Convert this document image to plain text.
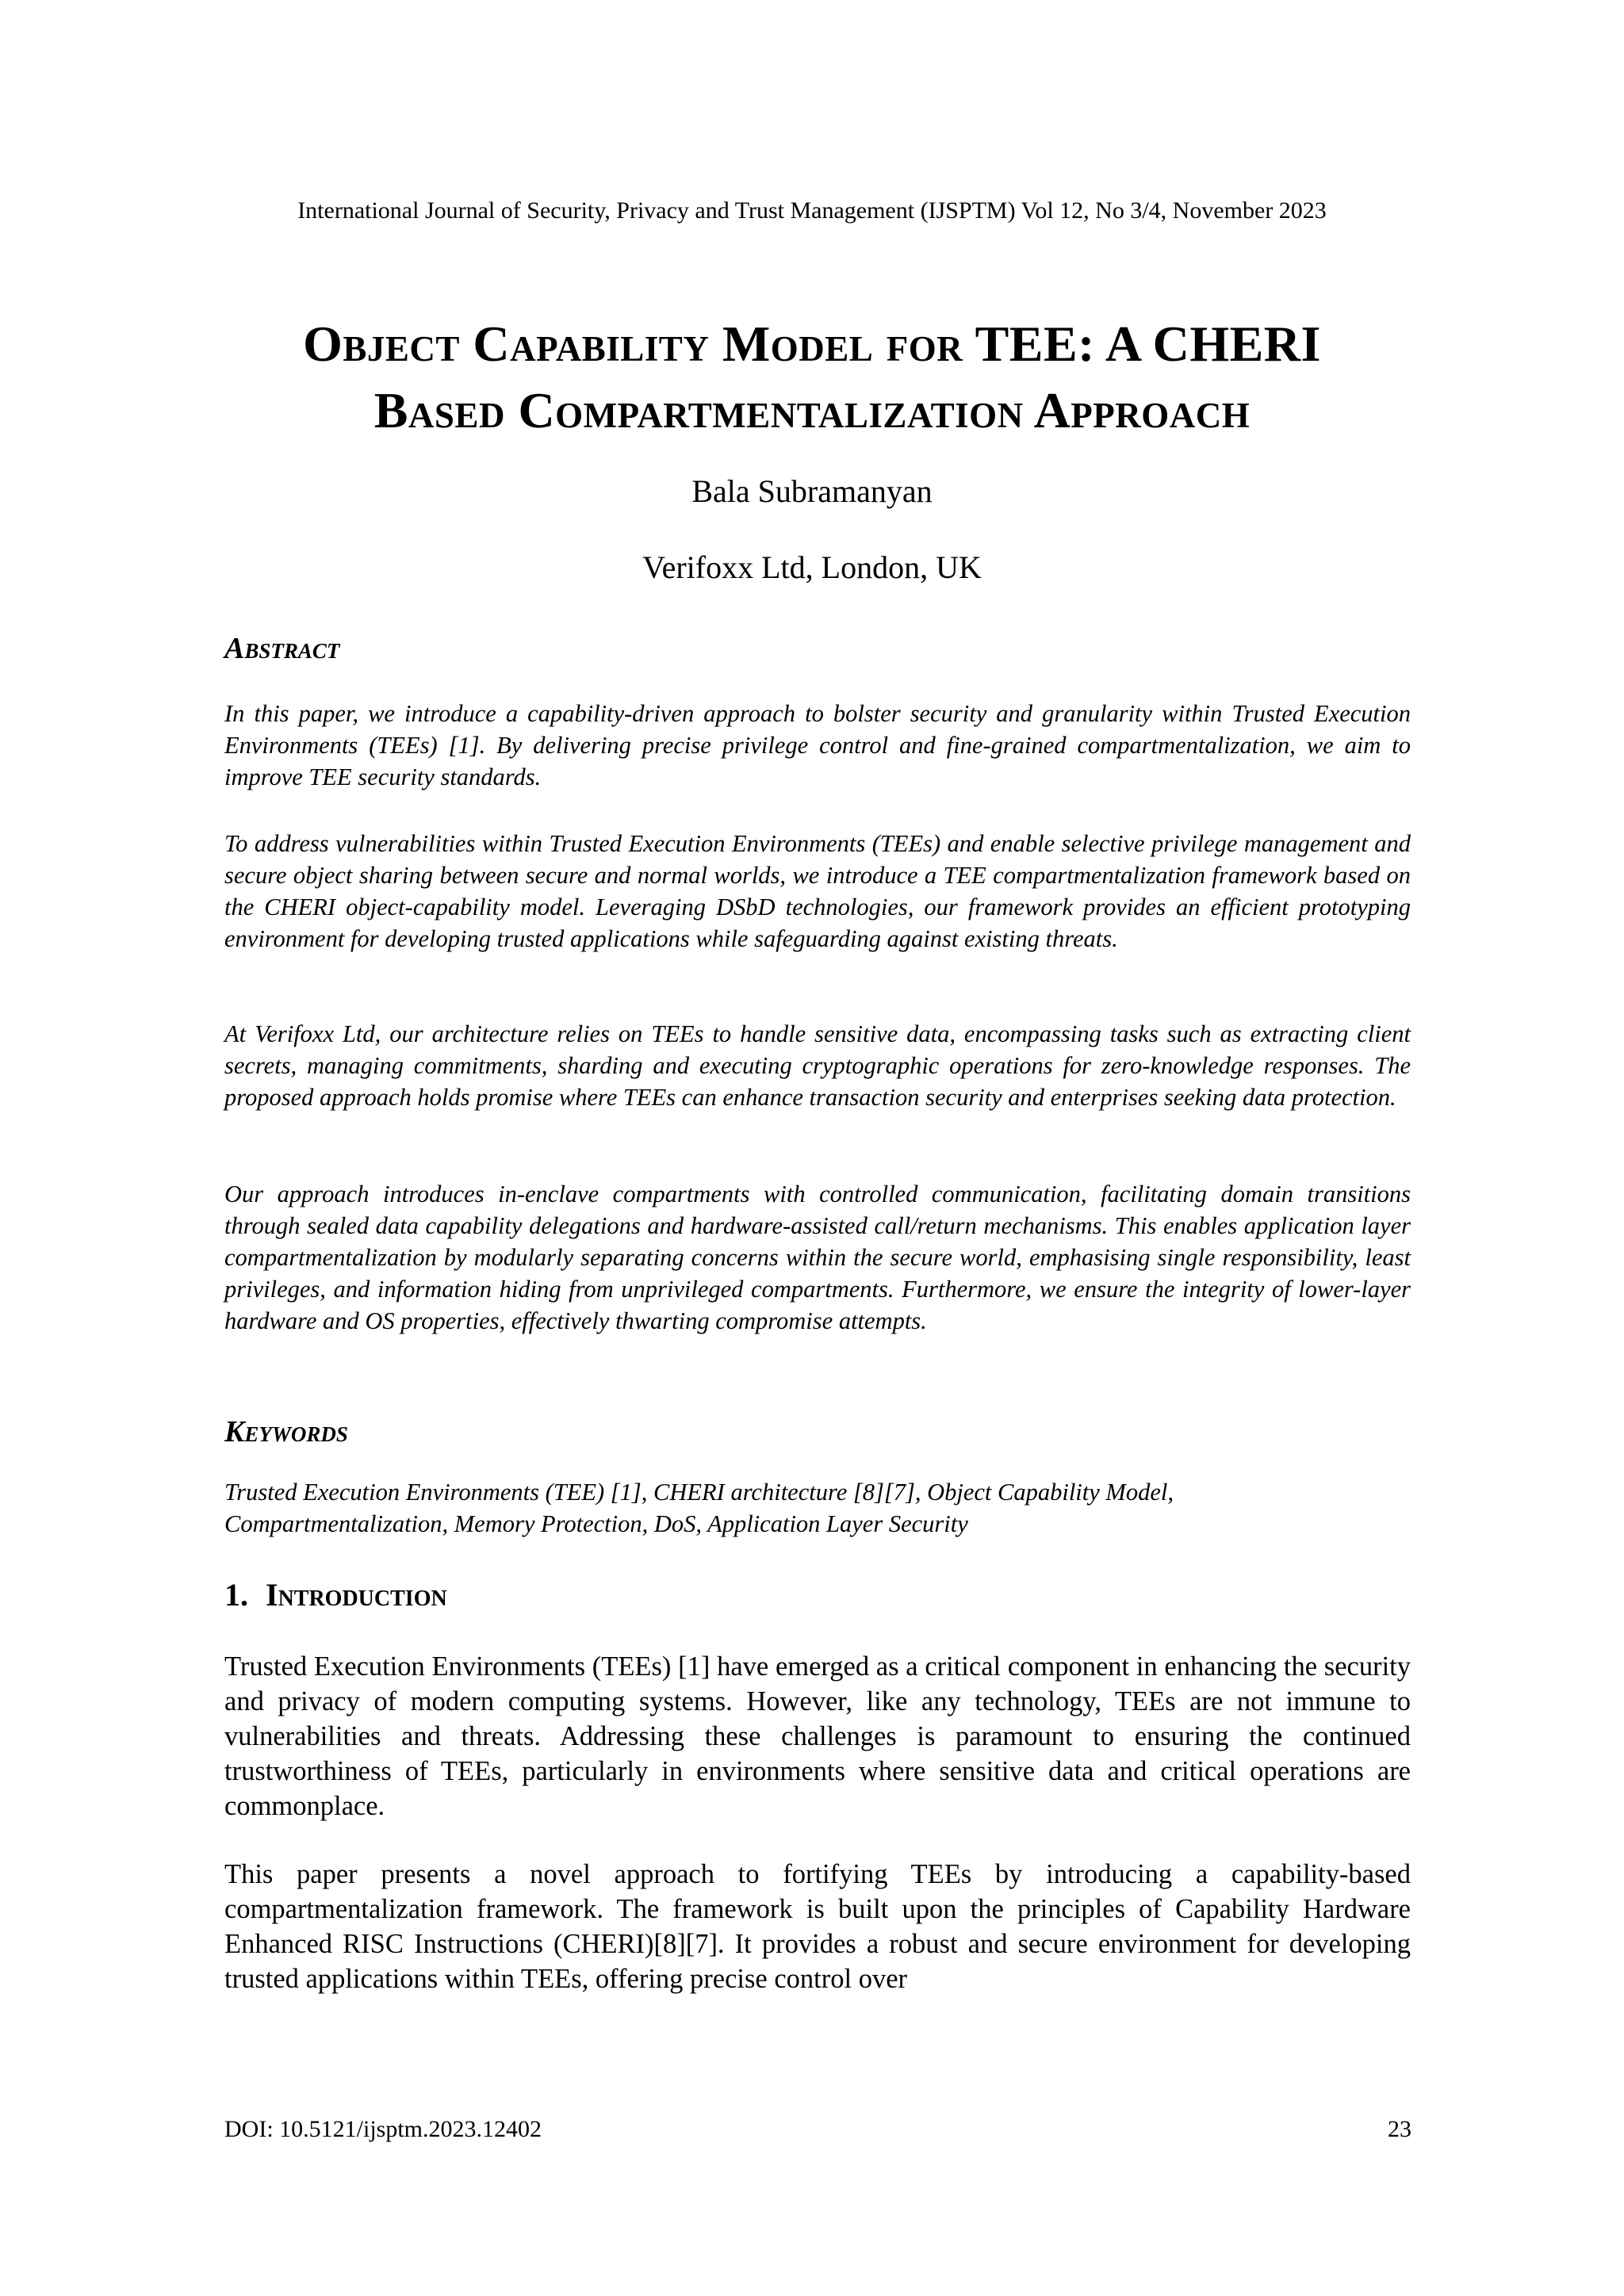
International Journal of Security, Privacy and Trust Management (IJSPTM) Vol 12, No 3/4, November 2023
Object Capability Model for TEE: A CHERI
Based Compartmentalization Approach
Bala Subramanyan
Verifoxx Ltd, London, UK
Abstract

In this paper, we introduce a capability-driven approach to bolster security and granularity within Trusted Execution Environments (TEEs) [1]. By delivering precise privilege control and fine-grained compartmentalization, we aim to improve TEE security standards.

To address vulnerabilities within Trusted Execution Environments (TEEs) and enable selective privilege management and secure object sharing between secure and normal worlds, we introduce a TEE compartmentalization framework based on the CHERI object-capability model. Leveraging DSbD technologies, our framework provides an efficient prototyping environment for developing trusted applications while safeguarding against existing threats.

At Verifoxx Ltd, our architecture relies on TEEs to handle sensitive data, encompassing tasks such as extracting client secrets, managing commitments, sharding and executing cryptographic operations for zero-knowledge responses. The proposed approach holds promise where TEEs can enhance transaction security and enterprises seeking data protection.

Our approach introduces in-enclave compartments with controlled communication, facilitating domain transitions through sealed data capability delegations and hardware-assisted call/return mechanisms. This enables application layer compartmentalization by modularly separating concerns within the secure world, emphasising single responsibility, least privileges, and information hiding from unprivileged compartments. Furthermore, we ensure the integrity of lower-layer hardware and OS properties, effectively thwarting compromise attempts.

Keywords
Trusted Execution Environments (TEE) [1], CHERI architecture [8][7], Object Capability Model,
Compartmentalization, Memory Protection, DoS, Application Layer Security
1. Introduction

Trusted Execution Environments (TEEs) [1] have emerged as a critical component in enhancing the security and privacy of modern computing systems. However, like any technology, TEEs are not immune to vulnerabilities and threats. Addressing these challenges is paramount to ensuring the continued trustworthiness of TEEs, particularly in environments where sensitive data and critical operations are commonplace.

This paper presents a novel approach to fortifying TEEs by introducing a capability-based compartmentalization framework. The framework is built upon the principles of Capability Hardware Enhanced RISC Instructions (CHERI)[8][7]. It provides a robust and secure environment for developing trusted applications within TEEs, offering precise control over

DOI: 10.5121/ijsptm.2023.12402	23
